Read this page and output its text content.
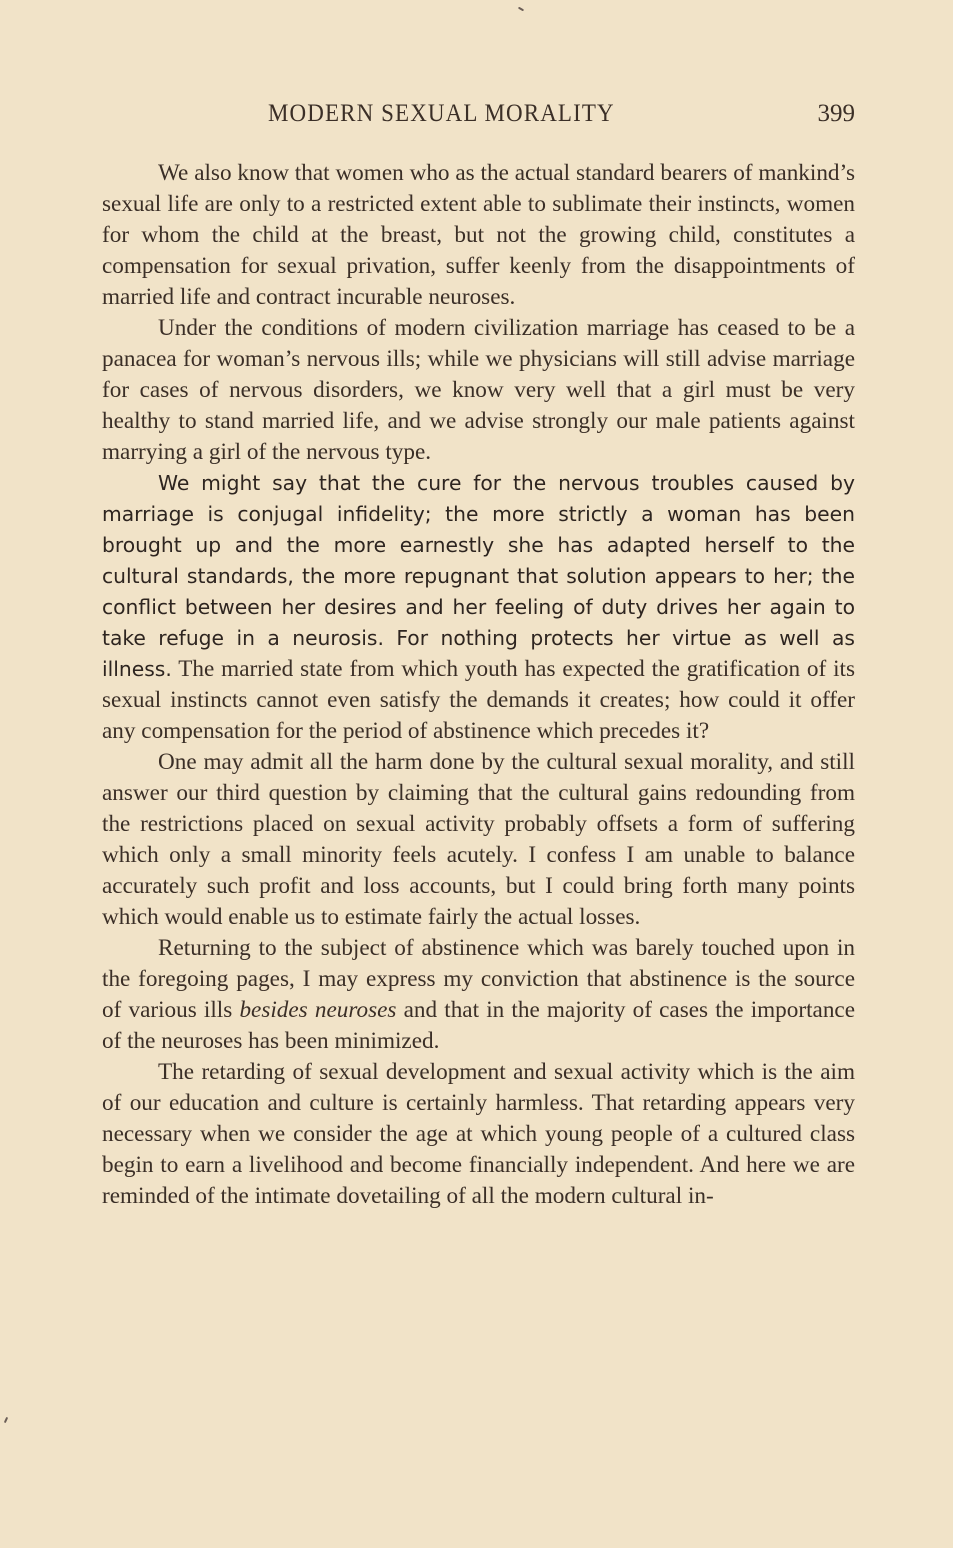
MODERN SEXUAL MORALITY	399

We also know that women who as the actual standard bearers of mankind’s sexual life are only to a restricted extent able to sublimate their instincts, women for whom the child at the breast, but not the growing child, constitutes a compensation for sexual privation, suffer keenly from the disappointments of married life and contract incurable neuroses.

Under the conditions of modern civilization marriage has ceased to be a panacea for woman’s nervous ills; while we physicians will still advise marriage for cases of nervous disorders, we know very well that a girl must be very healthy to stand married life, and we advise strongly our male patients against marrying a girl of the nervous type.

We might say that the cure for the nervous troubles caused by marriage is conjugal infidelity; the more strictly a woman has been brought up and the more earnestly she has adapted herself to the cultural standards, the more repugnant that solution appears to her; the conflict between her desires and her feeling of duty drives her again to take refuge in a neurosis. For nothing protects her virtue as well as illness. The married state from which youth has expected the gratification of its sexual instincts cannot even satisfy the demands it creates; how could it offer any compensation for the period of abstinence which precedes it?

One may admit all the harm done by the cultural sexual morality, and still answer our third question by claiming that the cultural gains redounding from the restrictions placed on sexual activity probably offsets a form of suffering which only a small minority feels acutely. I confess I am unable to balance accurately such profit and loss accounts, but I could bring forth many points which would enable us to estimate fairly the actual losses.

Returning to the subject of abstinence which was barely touched upon in the foregoing pages, I may express my conviction that abstinence is the source of various ills besides neuroses and that in the majority of cases the importance of the neuroses has been minimized.

The retarding of sexual development and sexual activity which is the aim of our education and culture is certainly harmless. That retarding appears very necessary when we consider the age at which young people of a cultured class begin to earn a livelihood and become financially independent. And here we are reminded of the intimate dovetailing of all the modern cultural in-
